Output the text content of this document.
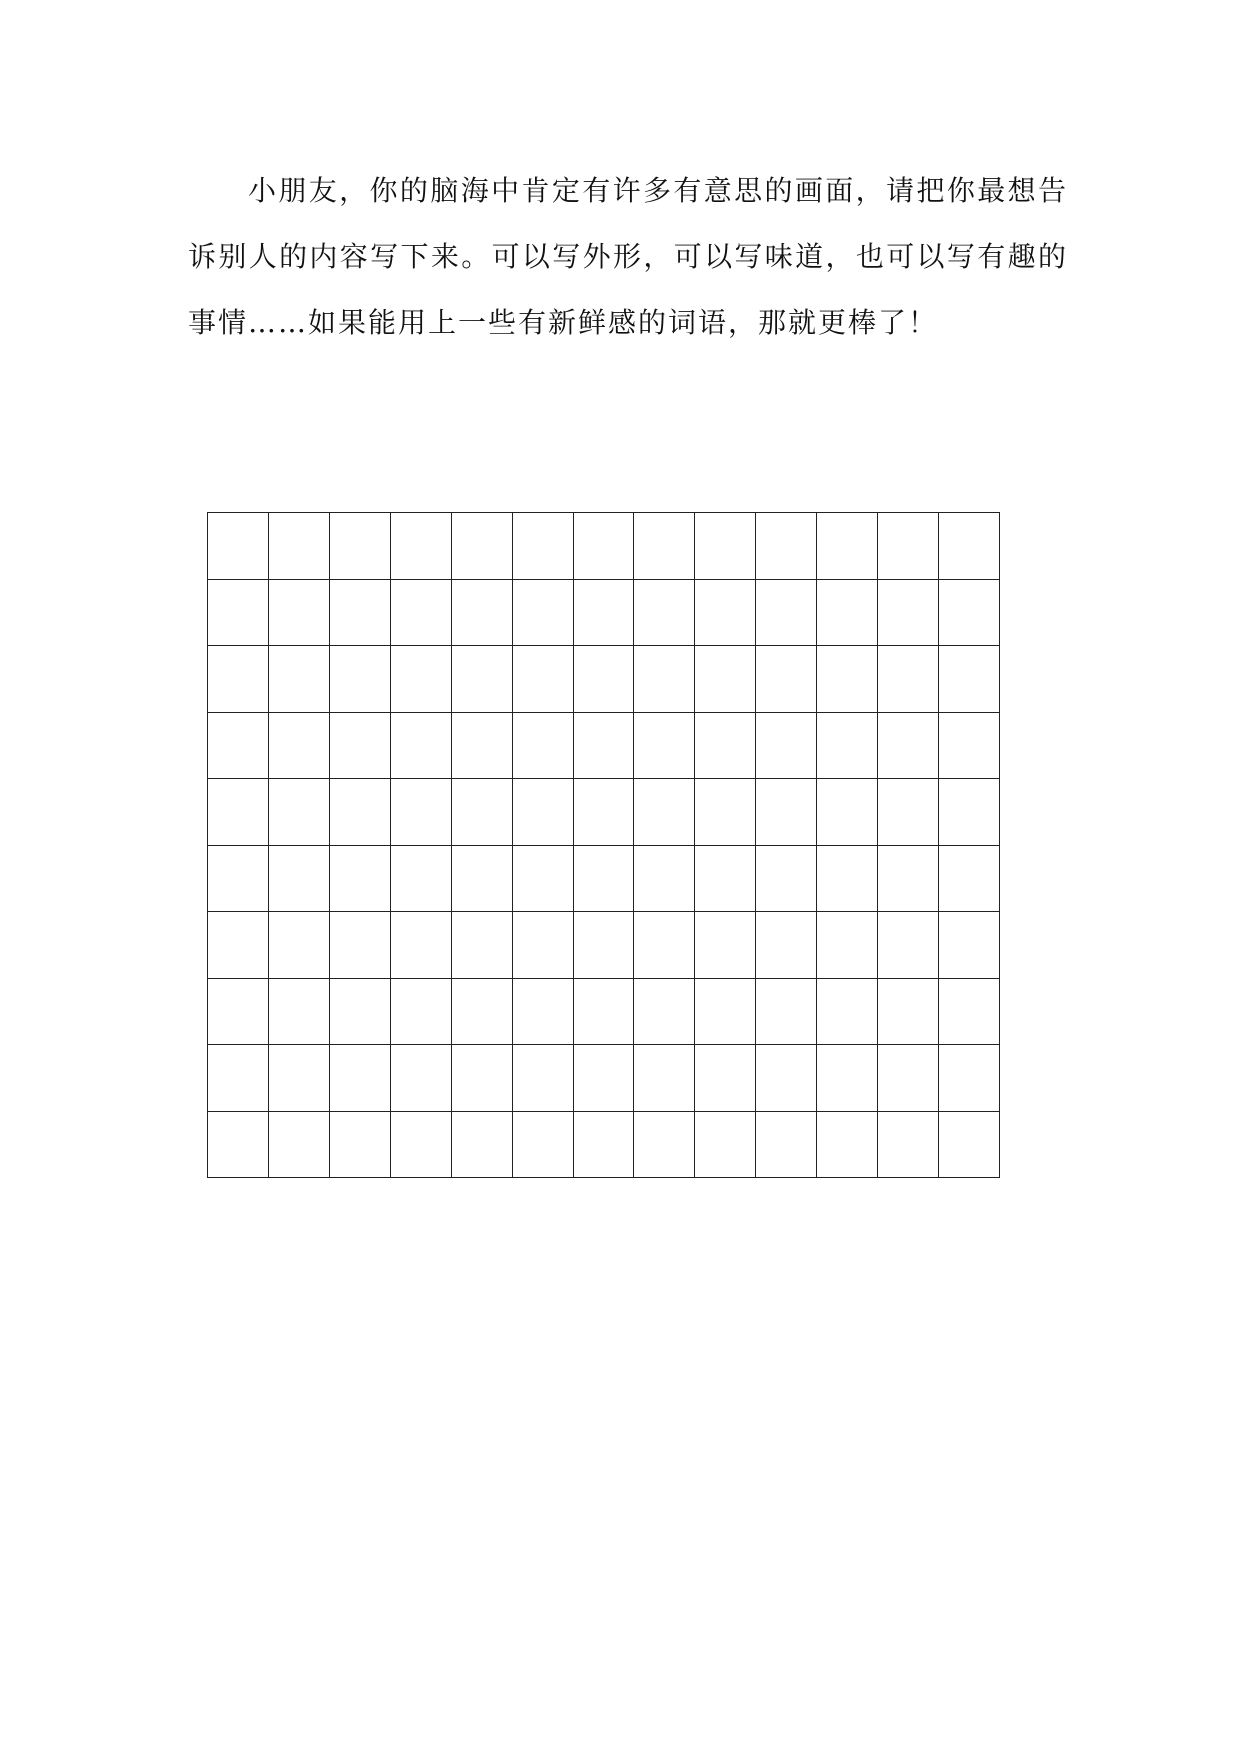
小朋友，你的脑海中肯定有许多有意思的画面，请把你最想告诉别人的内容写下来。可以写外形，可以写味道，也可以写有趣的事情……如果能用上一些有新鲜感的词语，那就更棒了！
